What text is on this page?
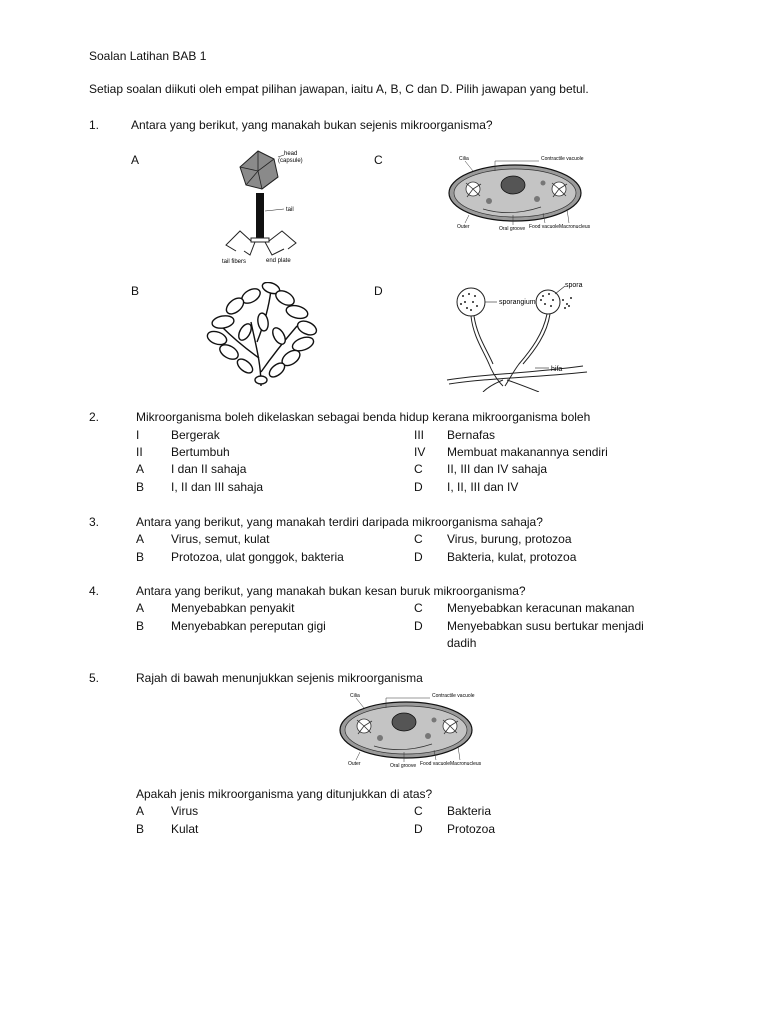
Soalan Latihan BAB 1
Setiap soalan diikuti oleh empat pilihan jawapan, iaitu A, B, C dan D. Pilih jawapan yang betul.
1.	Antara yang berikut, yang manakah bukan sejenis mikroorganisma?
A
B
C
D
head
(capsule)
tail
tail fibers	end plate
Cilia	Contractile vacuole
Outer	Oral groove Food vacuole Macronucleus
sporangium
spora
hifa
2.	Mikroorganisma boleh dikelaskan sebagai benda hidup kerana mikroorganisma boleh
I	Bergerak
II Bertumbuh
III Bernafas
IV Membuat makanannya sendiri
A I dan II sahaja
B I, II dan III sahaja
C II, III dan IV sahaja
D I, II, III dan IV
3.	Antara yang berikut, yang manakah terdiri daripada mikroorganisma sahaja?
A Virus, semut, kulat
B Protozoa, ulat gonggok, bakteria
C Virus, burung, protozoa
D Bakteria, kulat, protozoa
4.	Antara yang berikut, yang manakah bukan kesan buruk mikroorganisma?
A Menyebabkan penyakit
B Menyebabkan pereputan gigi
C Menyebabkan keracunan makanan
D Menyebabkan susu bertukar menjadi
dadih
5.	Rajah di bawah menunjukkan sejenis mikroorganisma
Cilia	Contractile vacuole
Outer	Oral groove Food vacuole Macronucleus
Apakah jenis mikroorganisma yang ditunjukkan di atas?
A Virus
B Kulat
C Bakteria
D Protozoa
